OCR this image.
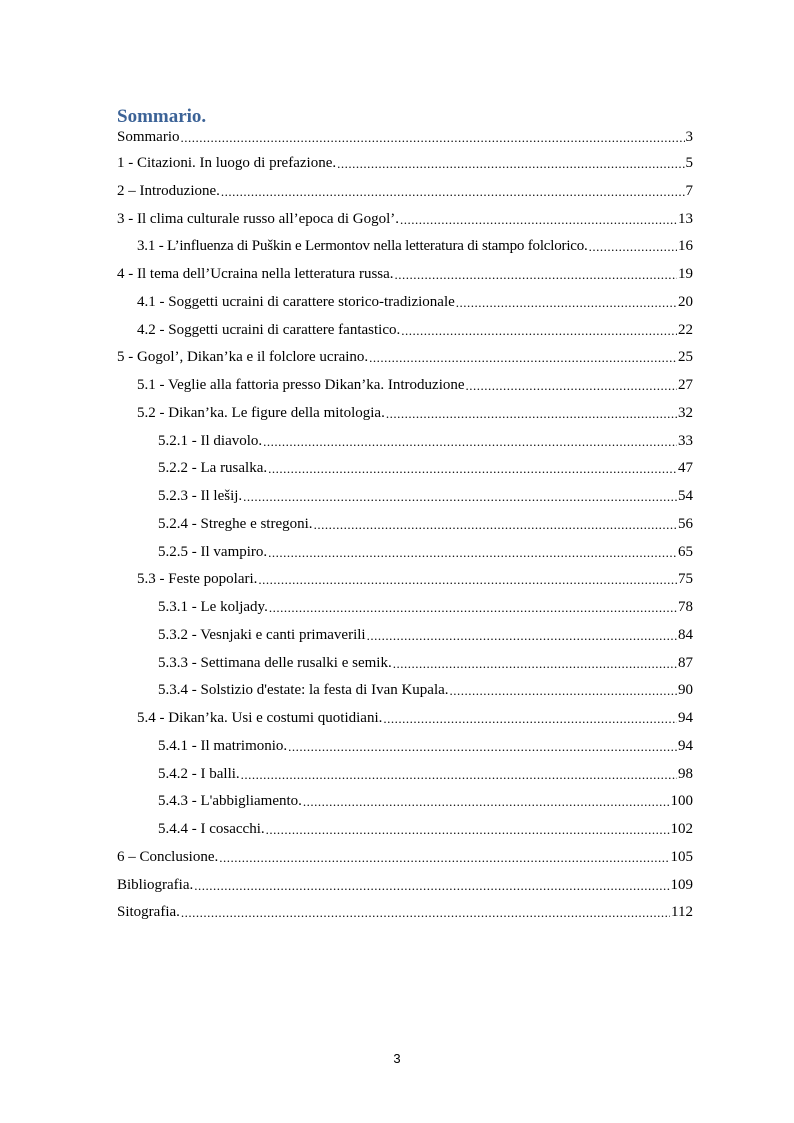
Sommario.
Sommario .....	3
1 - Citazioni. In luogo di prefazione. .....	5
2 – Introduzione. .....	7
3 - Il clima culturale russo all’epoca di Gogol’. .....	13
3.1 - L’influenza di Puškin e Lermontov nella letteratura di stampo folclorico. .....	16
4 - Il tema dell’Ucraina nella letteratura russa. .....	19
4.1 - Soggetti ucraini di carattere storico-tradizionale .....	20
4.2 - Soggetti ucraini di carattere fantastico. .....	22
5 - Gogol’, Dikan’ka e il folclore ucraino. .....	25
5.1 - Veglie alla fattoria presso Dikan’ka. Introduzione .....	27
5.2 - Dikan’ka. Le figure della mitologia. .....	32
5.2.1 - Il diavolo. .....	33
5.2.2 - La rusalka. .....	47
5.2.3 - Il lešij. .....	54
5.2.4 - Streghe e stregoni. .....	56
5.2.5 - Il vampiro. .....	65
5.3 - Feste popolari. .....	75
5.3.1 - Le koljady. .....	78
5.3.2 - Vesnjaki e canti primaverili .....	84
5.3.3 - Settimana delle rusalki e semik. .....	87
5.3.4 - Solstizio d'estate: la festa di Ivan Kupala. .....	90
5.4 - Dikan’ka. Usi e costumi quotidiani. .....	94
5.4.1 - Il matrimonio. .....	94
5.4.2 - I balli. .....	98
5.4.3 - L'abbigliamento. .....	100
5.4.4 - I cosacchi. .....	102
6 – Conclusione. .....	105
Bibliografia. .....	109
Sitografia. .....	112
3
